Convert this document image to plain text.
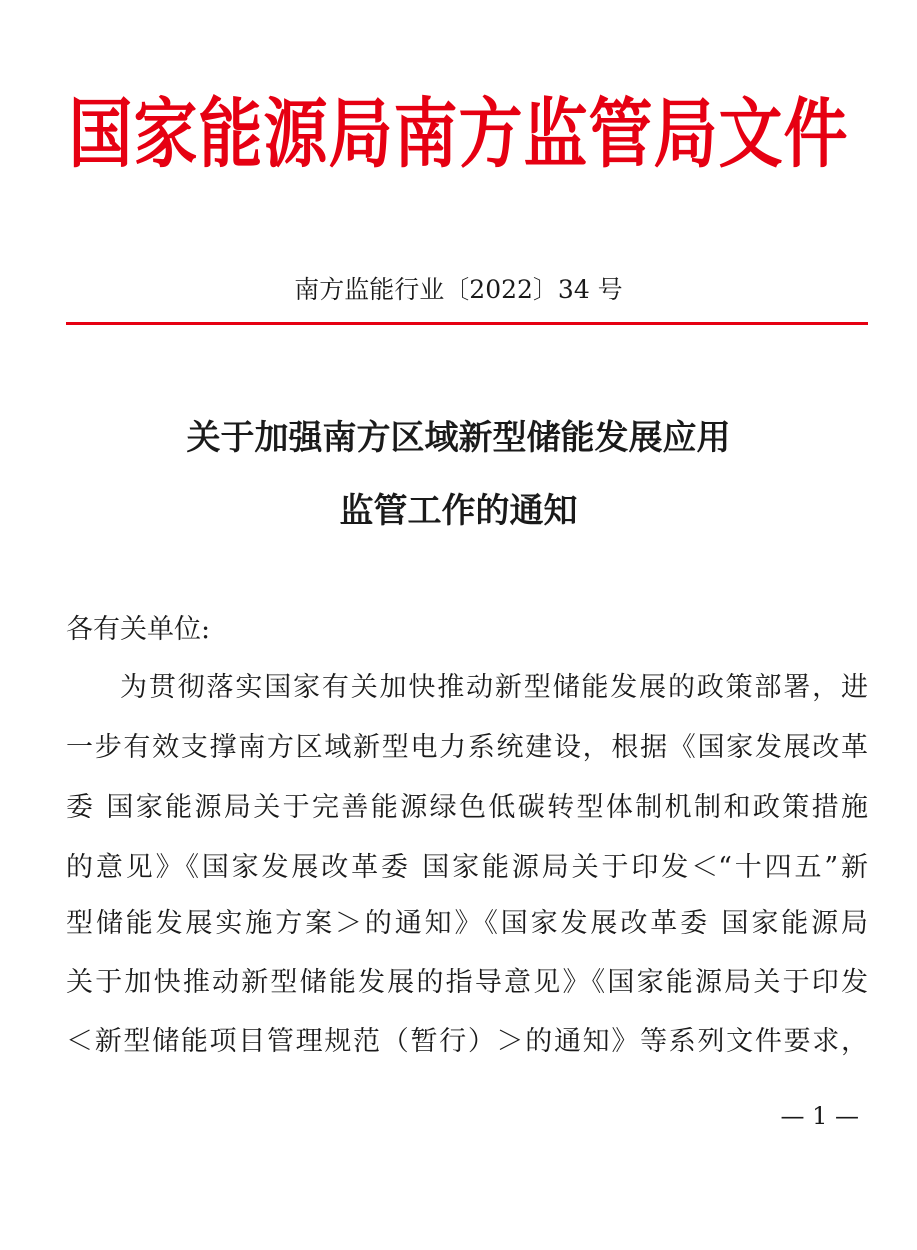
国家能源局南方监管局文件
南方监能行业〔2022〕34 号
关于加强南方区域新型储能发展应用
监管工作的通知
各有关单位:
为贯彻落实国家有关加快推动新型储能发展的政策部署，进
一步有效支撑南方区域新型电力系统建设，根据《国家发展改革
委 国家能源局关于完善能源绿色低碳转型体制机制和政策措施
的意见》《国家发展改革委 国家能源局关于印发＜“十四五”新
型储能发展实施方案＞的通知》《国家发展改革委 国家能源局
关于加快推动新型储能发展的指导意见》《国家能源局关于印发
＜新型储能项目管理规范（暂行）＞的通知》等系列文件要求，
— 1 —
